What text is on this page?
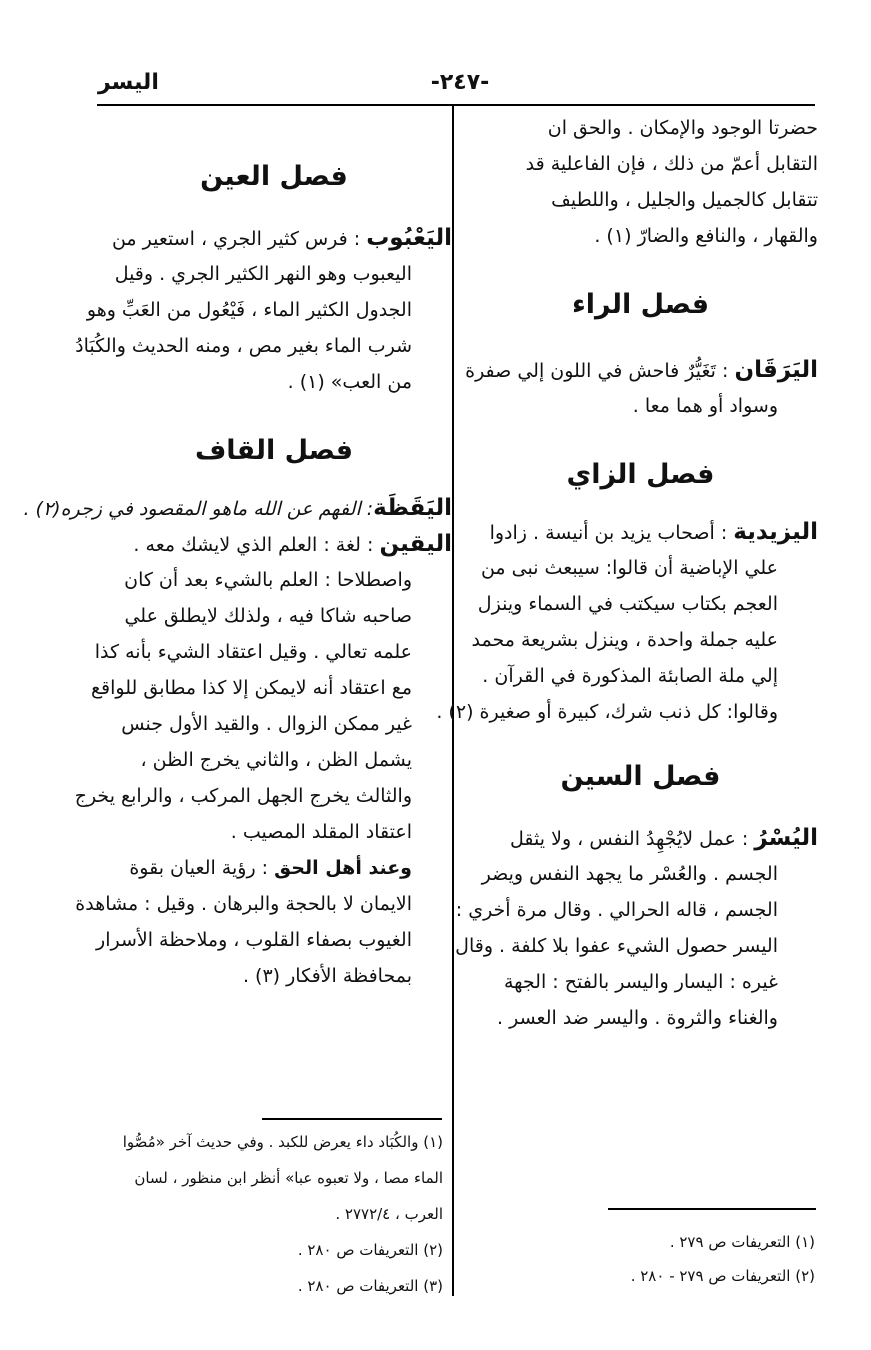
اليسر	-٢٤٧-
حضرتا الوجود والإمكان . والحق ان
التقابل أعمّ من ذلك ، فإن الفاعلية قد
تتقابل كالجميل والجليل ، واللطيف
والقهار ، والنافع والضارّ (١) .
فصل الراء
اليَرَقَان : تَغَيُّرٌ فاحش في اللون إلي صفرة
وسواد أو هما معا .
فصل الزاي
اليزيدية : أصحاب يزيد بن أنيسة . زادوا
علي الإباضية أن قالوا: سيبعث نبى من
العجم بكتاب سيكتب في السماء وينزل
عليه جملة واحدة ، وينزل بشريعة محمد
إلي ملة الصابئة المذكورة في القرآن .
وقالوا: كل ذنب شرك، كبيرة أو صغيرة (٢) .
فصل السين
اليُسْرُ : عمل لايُجْهِدُ النفس ، ولا يثقل
الجسم . والعُسْر ما يجهد النفس ويضر
الجسم ، قاله الحرالي . وقال مرة أخري :
اليسر حصول الشيء عفوا بلا كلفة . وقال
غيره : اليسار واليسر بالفتح : الجهة
والغناء والثروة . واليسر ضد العسر .
(١) التعريفات ص ٢٧٩ .
(٢) التعريفات ص ٢٧٩ - ٢٨٠ .
فصل العين
اليَعْبُوب : فرس كثير الجري ، استعير من
اليعبوب وهو النهر الكثير الجري . وقيل
الجدول الكثير الماء ، فَيْعُول من العَبِّ وهو
شرب الماء بغير مص ، ومنه الحديث والكُبَادُ
من العب» (١) .
فصل القاف
اليَقَظَة: الفهم عن الله ماهو المقصود في زجره(٢) .
اليقين : لغة : العلم الذي لايشك معه .
واصطلاحا : العلم بالشيء بعد أن كان
صاحبه شاكا فيه ، ولذلك لايطلق علي
علمه تعالي . وقيل اعتقاد الشيء بأنه كذا
مع اعتقاد أنه لايمكن إلا كذا مطابق للواقع
غير ممكن الزوال . والقيد الأول جنس
يشمل الظن ، والثاني يخرج الظن ،
والثالث يخرج الجهل المركب ، والرابع يخرج
اعتقاد المقلد المصيب .
وعند أهل الحق : رؤية العيان بقوة
الايمان لا بالحجة والبرهان . وقيل : مشاهدة
الغيوب بصفاء القلوب ، وملاحظة الأسرار
بمحافظة الأفكار (٣) .
(١) والكُبَاد داء يعرض للكبد . وفي حديث آخر «مُصُّوا
الماء مصا ، ولا تعبوه عبا» أنظر ابن منظور ، لسان
العرب ، ٢٧٧٢/٤ .
(٢) التعريفات ص ٢٨٠ .
(٣) التعريفات ص ٢٨٠ .
